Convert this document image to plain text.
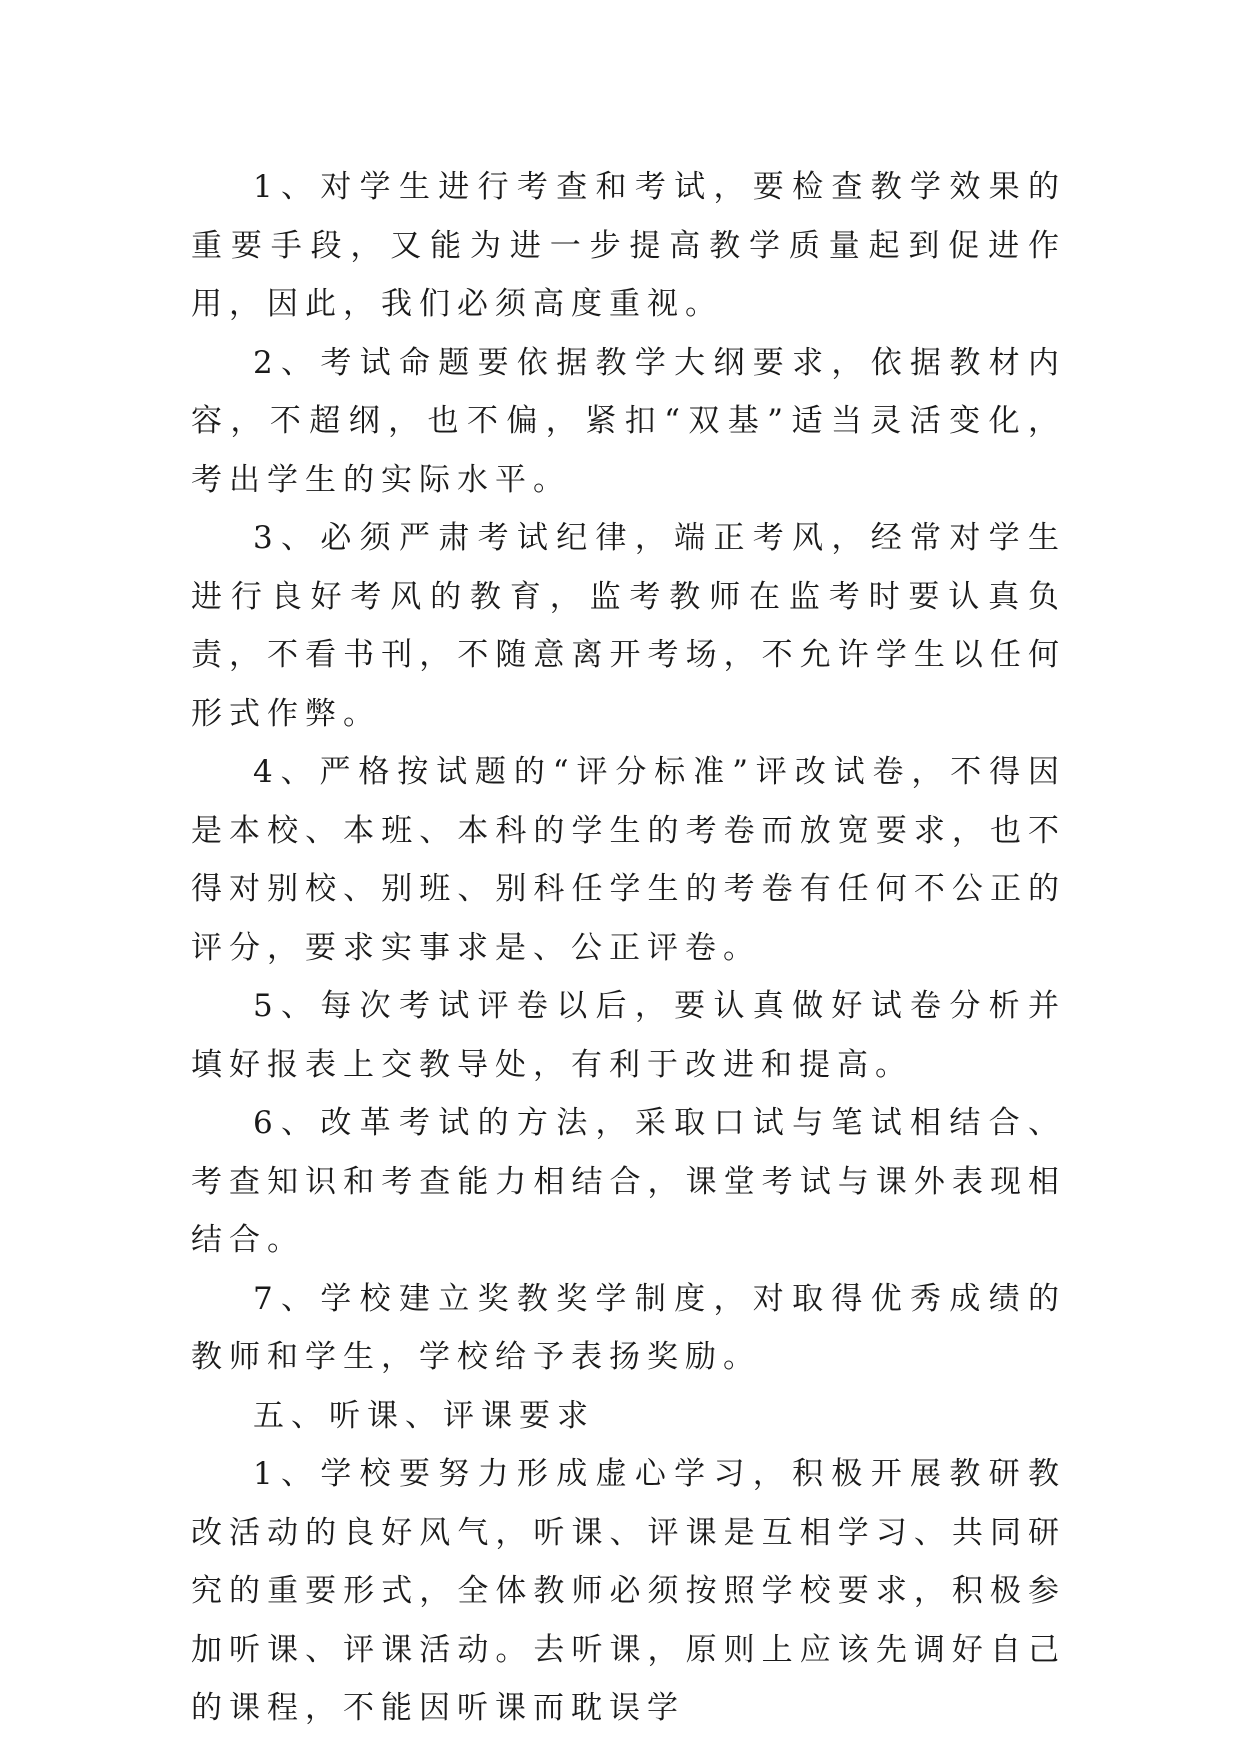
1、对学生进行考查和考试，要检查教学效果的重要手段，又能为进一步提高教学质量起到促进作用，因此，我们必须高度重视。

2、考试命题要依据教学大纲要求，依据教材内容，不超纲，也不偏，紧扣“双基”适当灵活变化，考出学生的实际水平。

3、必须严肃考试纪律，端正考风，经常对学生进行良好考风的教育，监考教师在监考时要认真负责，不看书刊，不随意离开考场，不允许学生以任何形式作弊。

4、严格按试题的“评分标准”评改试卷，不得因是本校、本班、本科的学生的考卷而放宽要求，也不得对别校、别班、别科任学生的考卷有任何不公正的评分，要求实事求是、公正评卷。

5、每次考试评卷以后，要认真做好试卷分析并填好报表上交教导处，有利于改进和提高。

6、改革考试的方法，采取口试与笔试相结合、考查知识和考查能力相结合，课堂考试与课外表现相结合。

7、学校建立奖教奖学制度，对取得优秀成绩的教师和学生，学校给予表扬奖励。

五、听课、评课要求

1、学校要努力形成虚心学习，积极开展教研教改活动的良好风气，听课、评课是互相学习、共同研究的重要形式，全体教师必须按照学校要求，积极参加听课、评课活动。去听课，原则上应该先调好自己的课程，不能因听课而耽误学
